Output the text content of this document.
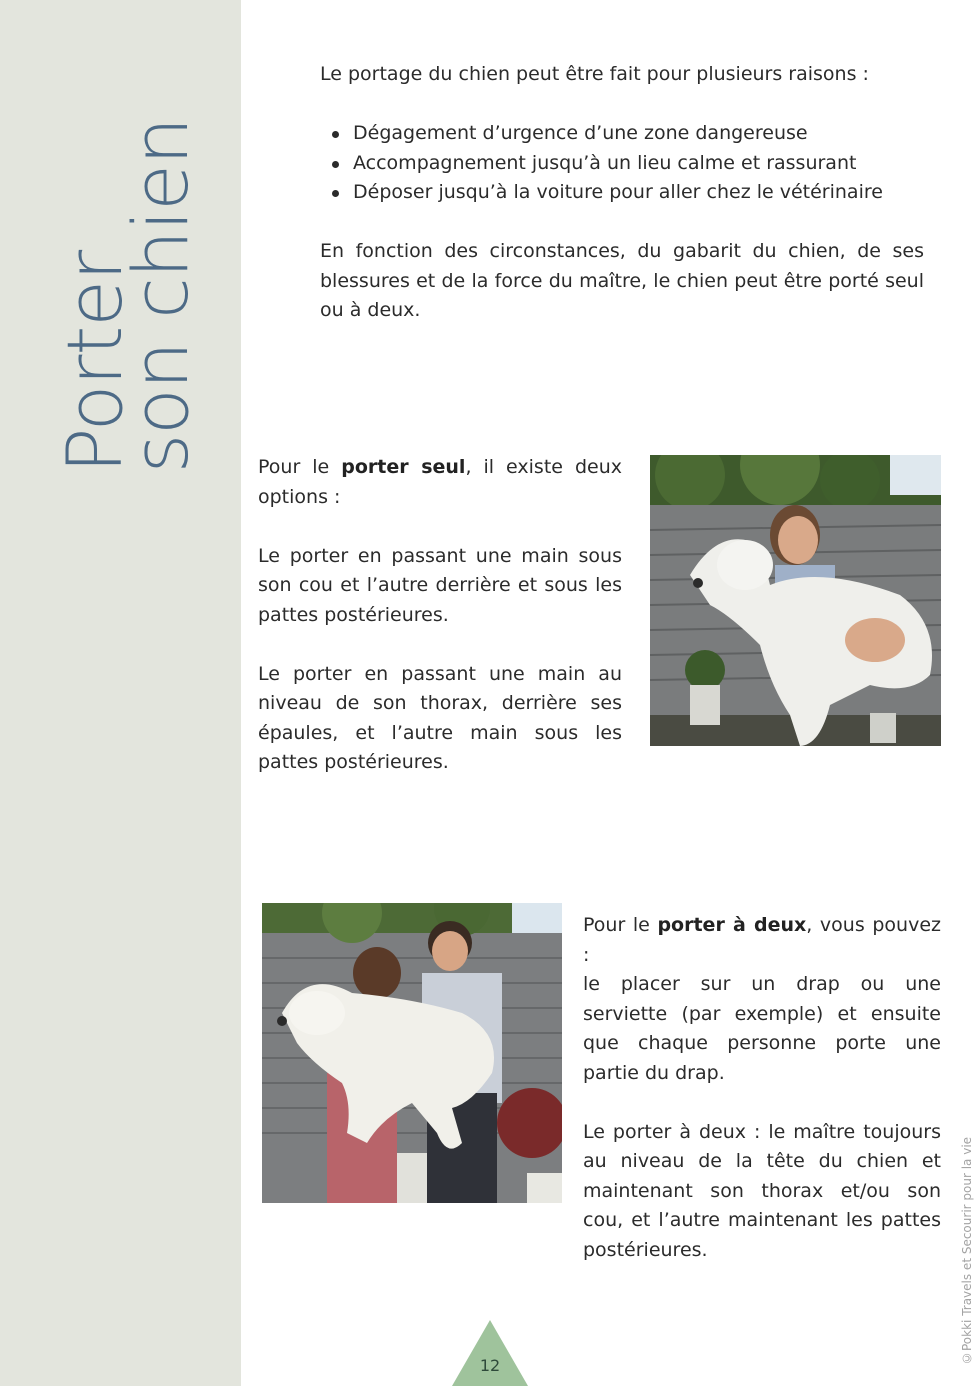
Porter
son chien

Le portage du chien peut être fait pour plusieurs raisons :

Dégagement d’urgence d’une zone dangereuse
Accompagnement jusqu’à un lieu calme et rassurant
Déposer jusqu’à la voiture pour aller chez le vétérinaire

En fonction des circonstances, du gabarit du chien, de ses blessures et de la force du maître, le chien peut être porté seul ou à deux.

Pour le porter seul, il existe deux options :

Le porter en passant une main sous son cou et l’autre derrière et sous les pattes postérieures.

Le porter en passant une main au niveau de son thorax, derrière ses épaules, et l’autre main sous les pattes postérieures.

Pour le porter à deux, vous pouvez :

le placer sur un drap ou une serviette (par exemple) et ensuite que chaque personne porte une partie du drap.

Le porter à deux : le maître toujours au niveau de la tête du chien et maintenant son thorax et/ou son cou, et l’autre maintenant les pattes postérieures.

12
©Pokki Travels et Secourir pour la vie
